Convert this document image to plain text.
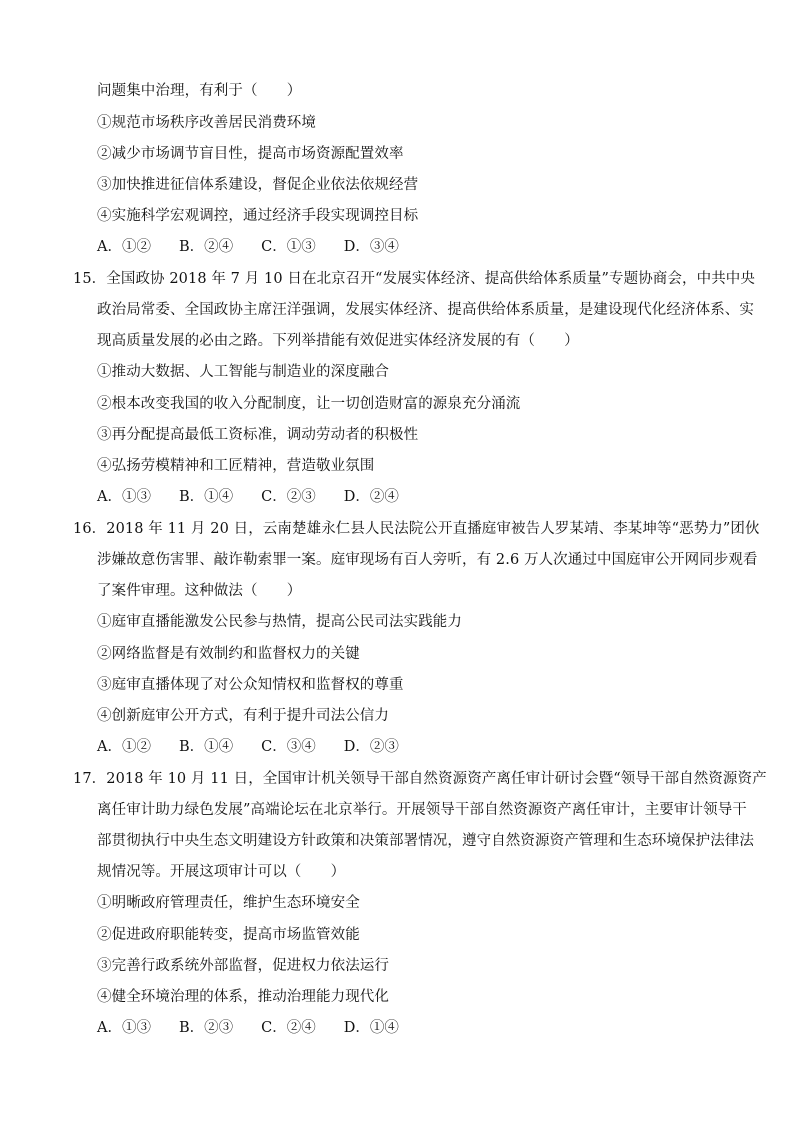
问题集中治理，有利于（　　）
①规范市场秩序改善居民消费环境
②减少市场调节盲目性，提高市场资源配置效率
③加快推进征信体系建设，督促企业依法依规经营
④实施科学宏观调控，通过经济手段实现调控目标
A．①② B．②④ C．①③ D．③④
15．全国政协 2018 年 7 月 10 日在北京召开“发展实体经济、提高供给体系质量”专题协商会，中共中央
政治局常委、全国政协主席汪洋强调，发展实体经济、提高供给体系质量，是建设现代化经济体系、实
现高质量发展的必由之路。下列举措能有效促进实体经济发展的有（　　）
①推动大数据、人工智能与制造业的深度融合
②根本改变我国的收入分配制度，让一切创造财富的源泉充分涌流
③再分配提高最低工资标准，调动劳动者的积极性
④弘扬劳模精神和工匠精神，营造敬业氛围
A．①③ B．①④ C．②③ D．②④
16．2018 年 11 月 20 日，云南楚雄永仁县人民法院公开直播庭审被告人罗某靖、李某坤等“恶势力”团伙
涉嫌故意伤害罪、敲诈勒索罪一案。庭审现场有百人旁听，有 2.6 万人次通过中国庭审公开网同步观看
了案件审理。这种做法（　　）
①庭审直播能激发公民参与热情，提高公民司法实践能力
②网络监督是有效制约和监督权力的关键
③庭审直播体现了对公众知情权和监督权的尊重
④创新庭审公开方式，有利于提升司法公信力
A．①② B．①④ C．③④ D．②③
17．2018 年 10 月 11 日，全国审计机关领导干部自然资源资产离任审计研讨会暨“领导干部自然资源资产
离任审计助力绿色发展”高端论坛在北京举行。开展领导干部自然资源资产离任审计，主要审计领导干
部贯彻执行中央生态文明建设方针政策和决策部署情况，遵守自然资源资产管理和生态环境保护法律法
规情况等。开展这项审计可以（　　）
①明晰政府管理责任，维护生态环境安全
②促进政府职能转变，提高市场监管效能
③完善行政系统外部监督，促进权力依法运行
④健全环境治理的体系，推动治理能力现代化
A．①③ B．②③ C．②④ D．①④
